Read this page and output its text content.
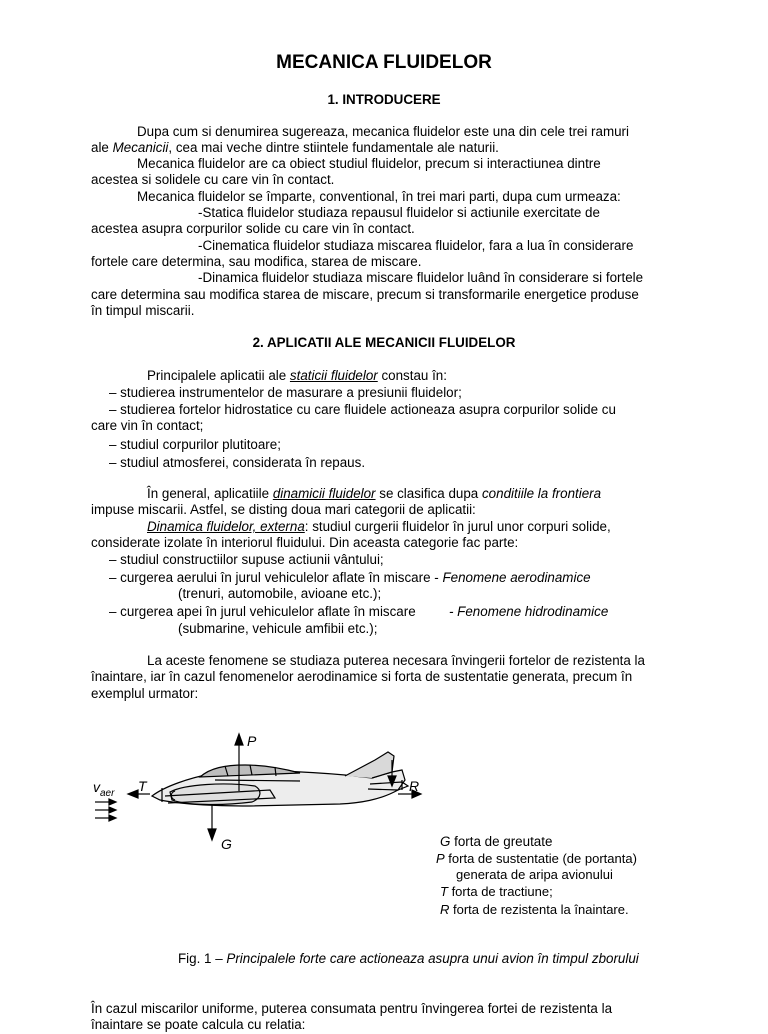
MECANICA FLUIDELOR
1. INTRODUCERE
Dupa cum si denumirea sugereaza, mecanica fluidelor este una din cele trei ramuri
ale Mecanicii, cea mai veche dintre stiintele fundamentale ale naturii.
Mecanica fluidelor are ca obiect studiul fluidelor, precum si interactiunea dintre
acestea si solidele cu care vin în contact.
Mecanica fluidelor se împarte, conventional, în trei mari parti, dupa cum urmeaza:
-Statica fluidelor studiaza repausul fluidelor si actiunile exercitate de
acestea asupra corpurilor solide cu care vin în contact.
-Cinematica fluidelor studiaza miscarea fluidelor, fara a lua în considerare
fortele care determina, sau modifica, starea de miscare.
-Dinamica fluidelor studiaza miscare fluidelor luând în considerare si fortele
care determina sau modifica starea de miscare, precum si transformarile energetice produse
în timpul miscarii.
2. APLICATII ALE MECANICII FLUIDELOR
Principalele aplicatii ale staticii fluidelor constau în:
– studierea instrumentelor de masurare a presiunii fluidelor;
– studierea fortelor hidrostatice cu care fluidele actioneaza asupra corpurilor solide cu
care vin în contact;
– studiul corpurilor plutitoare;
– studiul atmosferei, considerata în repaus.
În general, aplicatiile dinamicii fluidelor se clasifica dupa conditiile la frontiera
impuse miscarii. Astfel, se disting doua mari categorii de aplicatii:
Dinamica fluidelor, externa: studiul curgerii fluidelor în jurul unor corpuri solide,
considerate izolate în interiorul fluidului. Din aceasta categorie fac parte:
– studiul constructiilor supuse actiunii vântului;
– curgerea aerului în jurul vehiculelor aflate în miscare - Fenomene aerodinamice
(trenuri, automobile, avioane etc.);
– curgerea apei în jurul vehiculelor aflate în miscare - Fenomene hidrodinamice
(submarine, vehicule amfibii etc.);
La aceste fenomene se studiaza puterea necesara învingerii fortelor de rezistenta la
înaintare, iar în cazul fenomenelor aerodinamice si forta de sustentatie generata, precum în
exemplul urmator:
P
T	R
G
$v_{aer}$
G forta de greutate
P forta de sustentatie (de portanta)
generata de aripa avionului
T forta de tractiune;
R forta de rezistenta la înaintare.
Fig. 1 – Principalele forte care actioneaza asupra unui avion în timpul zborului
În cazul miscarilor uniforme, puterea consumata pentru învingerea fortei de rezistenta la
înaintare se poate calcula cu relatia:
